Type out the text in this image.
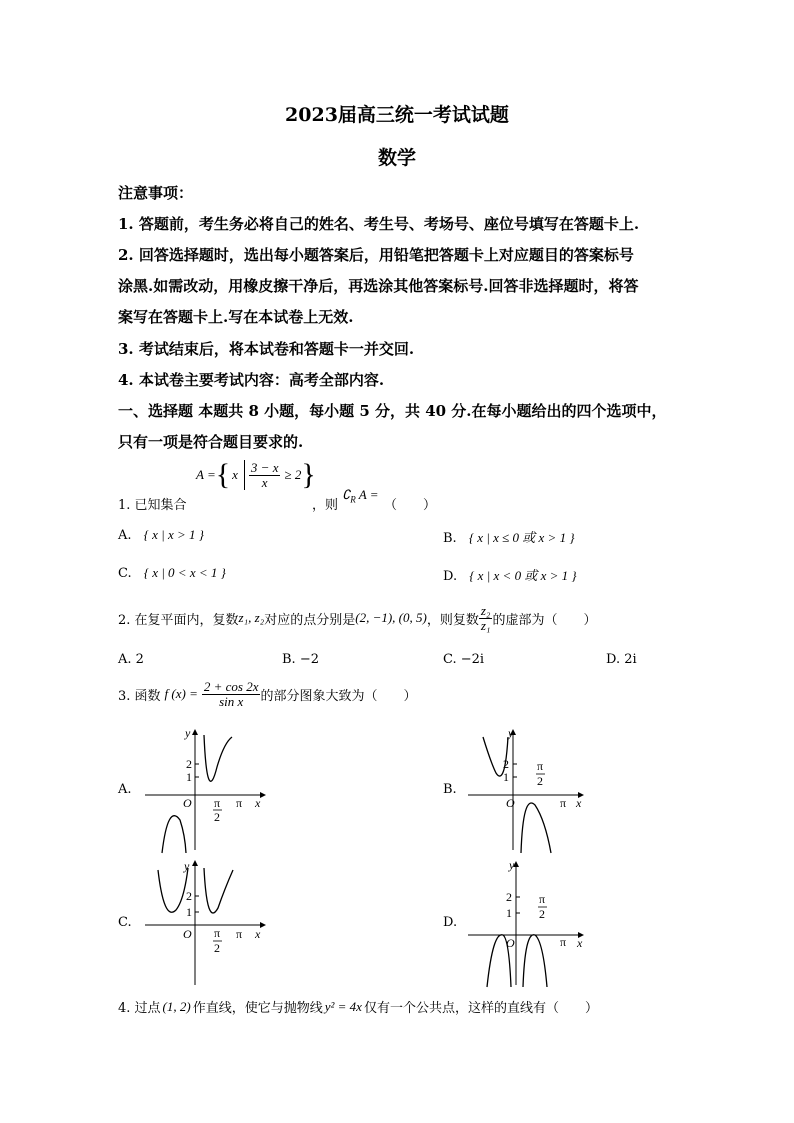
2023届高三统一考试试题
数学
注意事项：
1. 答题前，考生务必将自己的姓名、考生号、考场号、座位号填写在答题卡上.
2. 回答选择题时，选出每小题答案后，用铅笔把答题卡上对应题目的答案标号
涂黑.如需改动，用橡皮擦干净后，再选涂其他答案标号.回答非选择题时，将答
案写在答题卡上.写在本试卷上无效.
3. 考试结束后，将本试卷和答题卡一并交回.
4. 本试卷主要考试内容：高考全部内容.
一、选择题 本题共 8 小题，每小题 5 分，共 40 分.在每小题给出的四个选项中，
只有一项是符合题目要求的.
1. 已知集合
A = { x $\frac{3 - x}{x} \ge 2$ }
，则
$∁_R$ A =
（　　）
A. { x | x > 1 }	B. { x | x ≤ 0 或 x > 1 }
C. { x | 0 < x < 1 }	D. { x | x < 0 或 x > 1 }
2. 在复平面内，复数 z₁, z₂ 对应的点分别是 (2, −1), (0, 5) ，则复数 $\frac{\text{z₂}}{\text{z₁}}$ 的虚部为（　　）
A. 2	B. −2	C. −2i	D. 2i
3. 函数 f $(x) = \frac{2 + \cos 2x}{\text{sin x}}$ 的部分图象大致为（　　）
A.	B.
C.	D.
y
x
O
1
2
π
2
π
y
x
O
1
2 π
2
π
y
x
O
1
2
π
2
π
y
x
O
1
2 π
2
π
4. 过点 (1, 2) 作直线，使它与抛物线 y² = 4x 仅有一个公共点，这样的直线有（　　）
